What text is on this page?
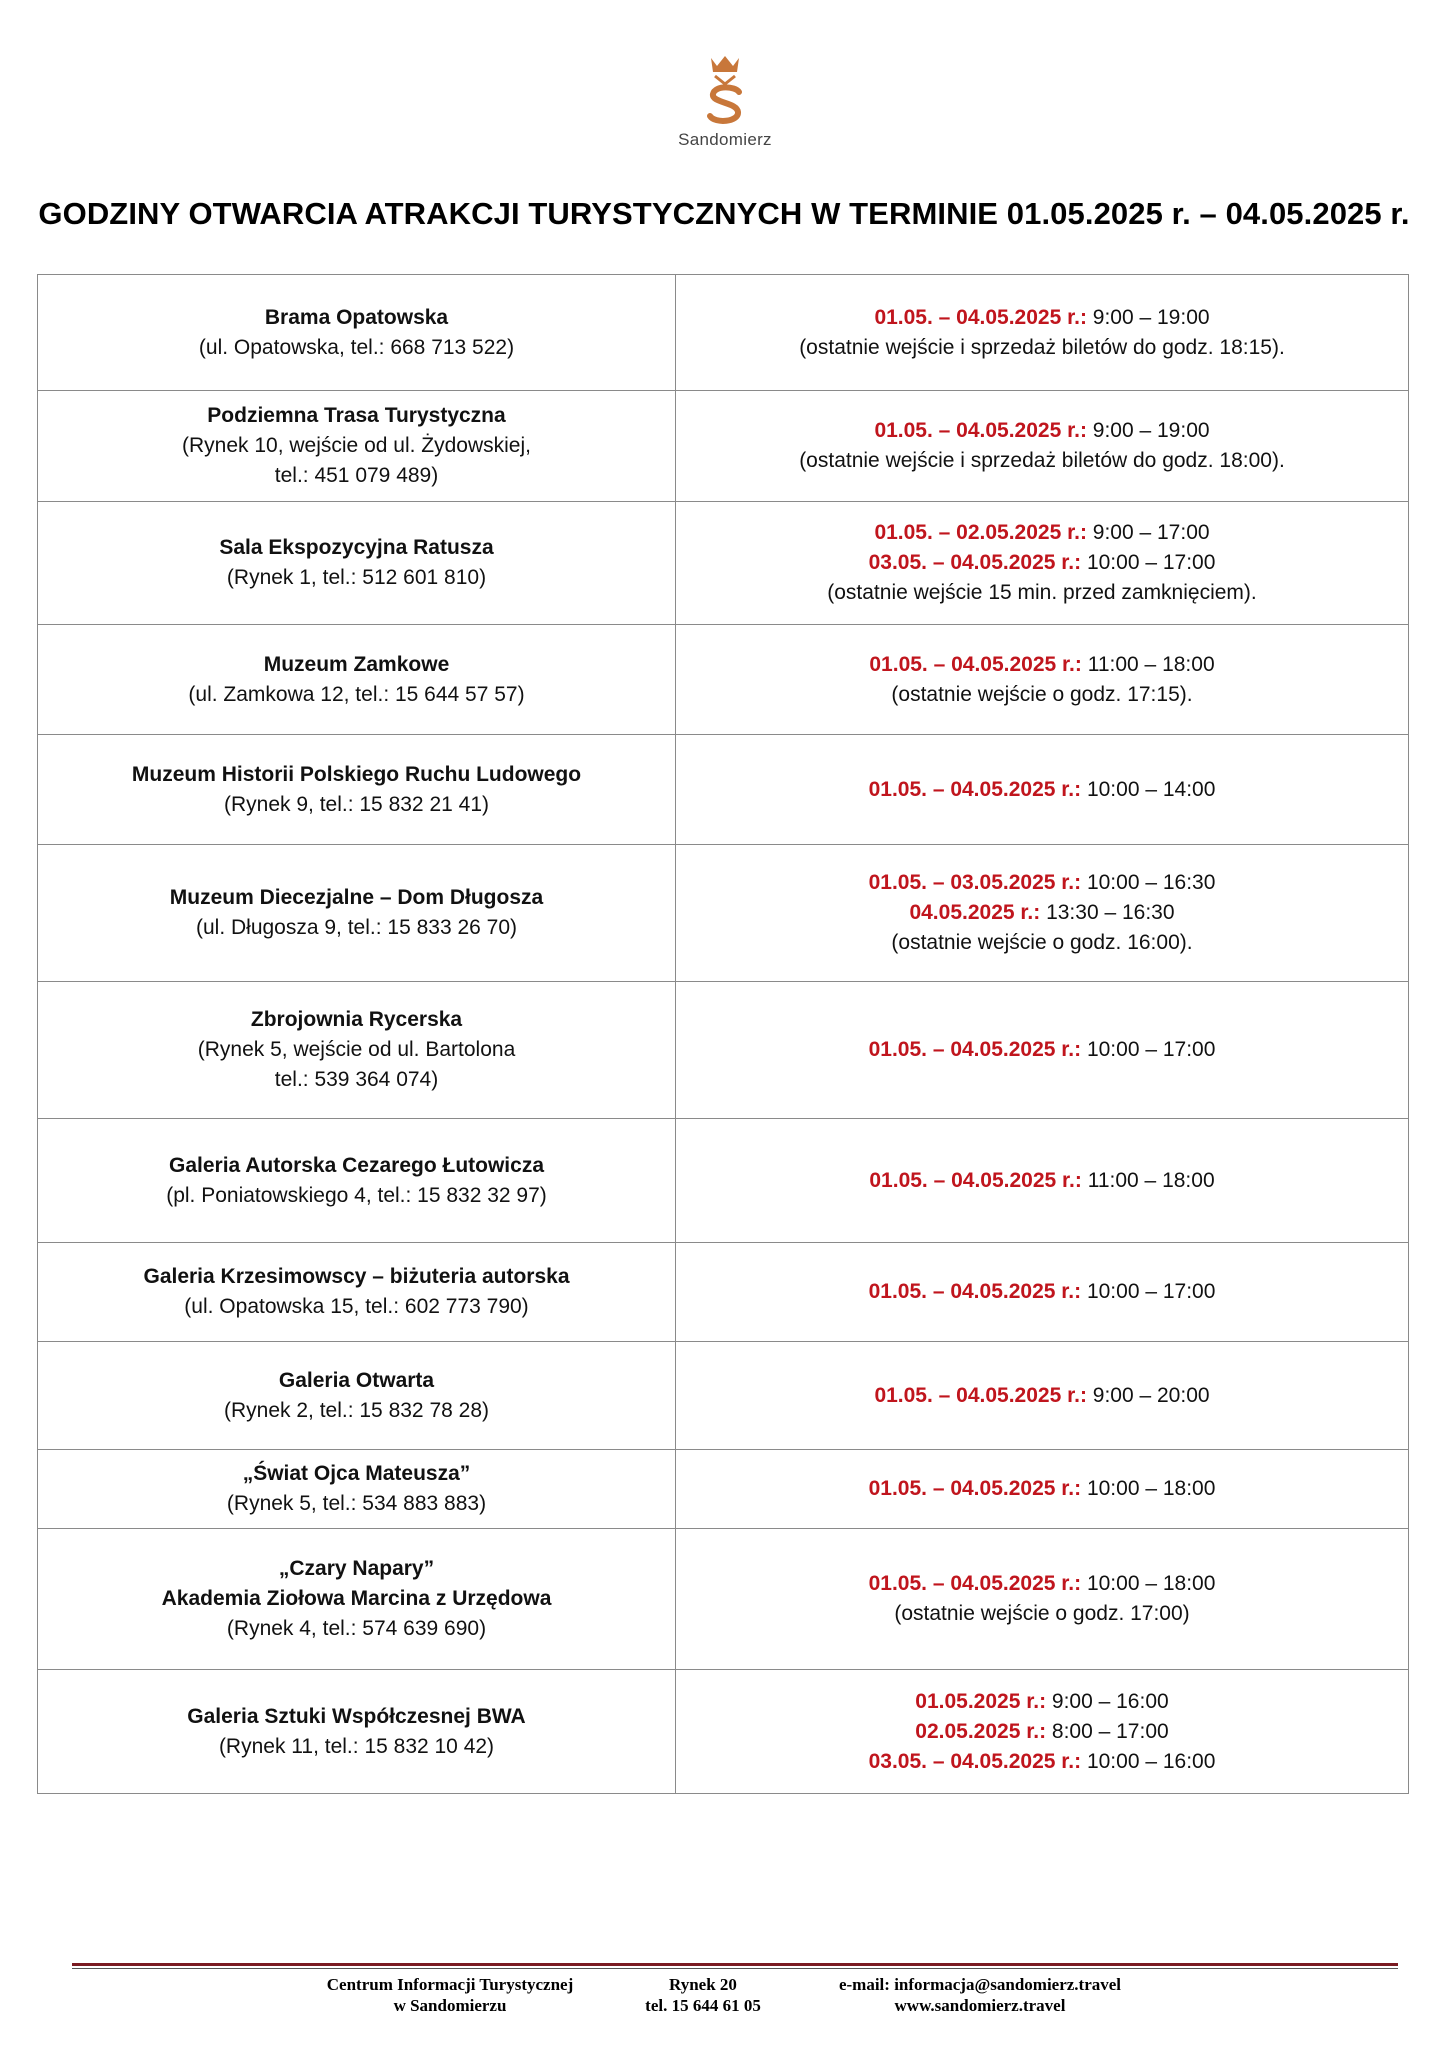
Sandomierz
GODZINY OTWARCIA ATRAKCJI TURYSTYCZNYCH W TERMINIE 01.05.2025 r. – 04.05.2025 r.
Brama Opatowska
(ul. Opatowska, tel.: 668 713 522)	01.05. – 04.05.2025 r.: 9:00 – 19:00
(ostatnie wejście i sprzedaż biletów do godz. 18:15).

Podziemna Trasa Turystyczna
(Rynek 10, wejście od ul. Żydowskiej,
tel.: 451 079 489)	01.05. – 04.05.2025 r.: 9:00 – 19:00
(ostatnie wejście i sprzedaż biletów do godz. 18:00).

Sala Ekspozycyjna Ratusza
(Rynek 1, tel.: 512 601 810)	01.05. – 02.05.2025 r.: 9:00 – 17:00
03.05. – 04.05.2025 r.: 10:00 – 17:00
(ostatnie wejście 15 min. przed zamknięciem).

Muzeum Zamkowe
(ul. Zamkowa 12, tel.: 15 644 57 57)	01.05. – 04.05.2025 r.: 11:00 – 18:00
(ostatnie wejście o godz. 17:15).

Muzeum Historii Polskiego Ruchu Ludowego
(Rynek 9, tel.: 15 832 21 41)	01.05. – 04.05.2025 r.: 10:00 – 14:00

Muzeum Diecezjalne – Dom Długosza
(ul. Długosza 9, tel.: 15 833 26 70)	01.05. – 03.05.2025 r.: 10:00 – 16:30
04.05.2025 r.: 13:30 – 16:30
(ostatnie wejście o godz. 16:00).

Zbrojownia Rycerska
(Rynek 5, wejście od ul. Bartolona
tel.: 539 364 074)	01.05. – 04.05.2025 r.: 10:00 – 17:00

Galeria Autorska Cezarego Łutowicza
(pl. Poniatowskiego 4, tel.: 15 832 32 97)	01.05. – 04.05.2025 r.: 11:00 – 18:00

Galeria Krzesimowscy – biżuteria autorska
(ul. Opatowska 15, tel.: 602 773 790)	01.05. – 04.05.2025 r.: 10:00 – 17:00

Galeria Otwarta
(Rynek 2, tel.: 15 832 78 28)	01.05. – 04.05.2025 r.: 9:00 – 20:00

„Świat Ojca Mateusza”
(Rynek 5, tel.: 534 883 883)	01.05. – 04.05.2025 r.: 10:00 – 18:00

„Czary Napary”
Akademia Ziołowa Marcina z Urzędowa
(Rynek 4, tel.: 574 639 690)	01.05. – 04.05.2025 r.: 10:00 – 18:00
(ostatnie wejście o godz. 17:00)

Galeria Sztuki Współczesnej BWA
(Rynek 11, tel.: 15 832 10 42)	01.05.2025 r.: 9:00 – 16:00
02.05.2025 r.: 8:00 – 17:00
03.05. – 04.05.2025 r.: 10:00 – 16:00
Centrum Informacji Turystycznej
w Sandomierzu
Rynek 20
tel. 15 644 61 05
e-mail: informacja@sandomierz.travel
www.sandomierz.travel
